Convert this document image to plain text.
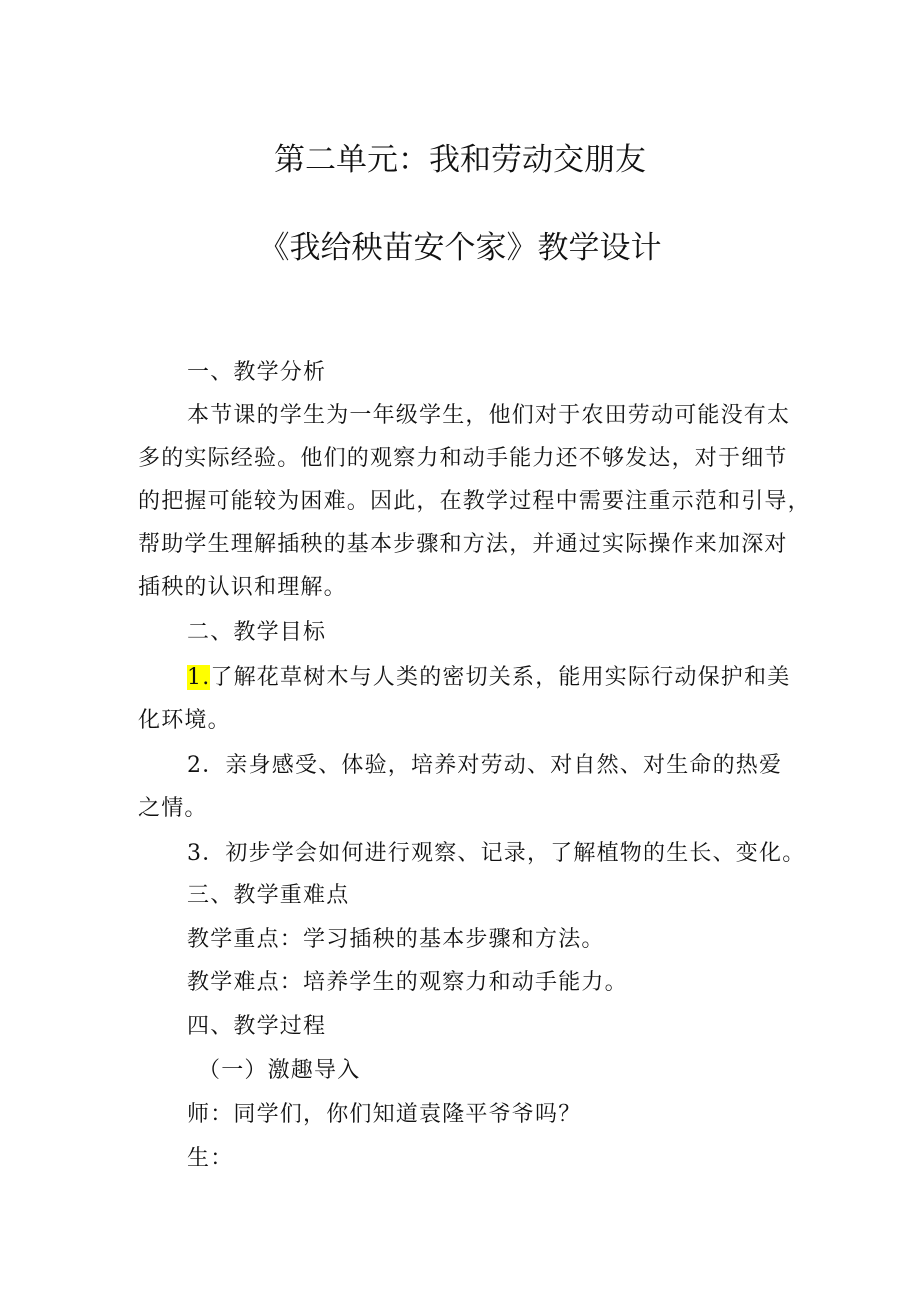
第二单元：我和劳动交朋友
《我给秧苗安个家》教学设计
一、教学分析
本节课的学生为一年级学生，他们对于农田劳动可能没有太
多的实际经验。他们的观察力和动手能力还不够发达，对于细节
的把握可能较为困难。因此，在教学过程中需要注重示范和引导，
帮助学生理解插秧的基本步骤和方法，并通过实际操作来加深对
插秧的认识和理解。
二、教学目标
1.了解花草树木与人类的密切关系，能用实际行动保护和美
化环境。
2．亲身感受、体验，培养对劳动、对自然、对生命的热爱
之情。
3．初步学会如何进行观察、记录，了解植物的生长、变化。
三、教学重难点
教学重点：学习插秧的基本步骤和方法。
教学难点：培养学生的观察力和动手能力。
四、教学过程
（一）激趣导入
师：同学们，你们知道袁隆平爷爷吗？
生：
